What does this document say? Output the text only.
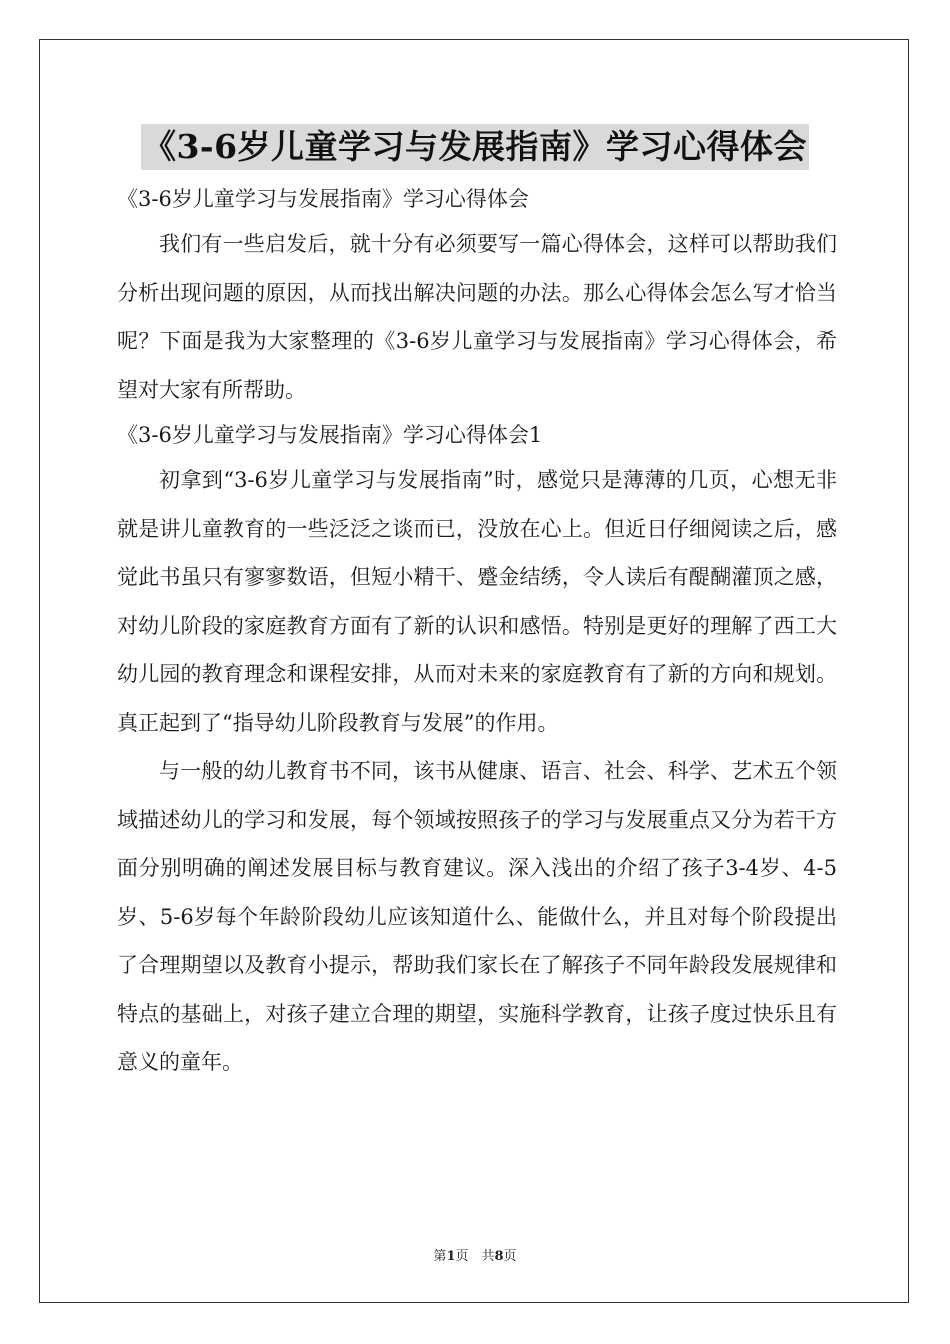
《3-6岁儿童学习与发展指南》学习心得体会

《3-6岁儿童学习与发展指南》学习心得体会

我们有一些启发后，就十分有必须要写一篇心得体会，这样可以帮助我们分析出现问题的原因，从而找出解决问题的办法。那么心得体会怎么写才恰当呢？下面是我为大家整理的《3-6岁儿童学习与发展指南》学习心得体会，希望对大家有所帮助。

《3-6岁儿童学习与发展指南》学习心得体会1

初拿到“3-6岁儿童学习与发展指南”时，感觉只是薄薄的几页，心想无非就是讲儿童教育的一些泛泛之谈而已，没放在心上。但近日仔细阅读之后，感觉此书虽只有寥寥数语，但短小精干、蹙金结绣，令人读后有醍醐灌顶之感，对幼儿阶段的家庭教育方面有了新的认识和感悟。特别是更好的理解了西工大幼儿园的教育理念和课程安排，从而对未来的家庭教育有了新的方向和规划。真正起到了“指导幼儿阶段教育与发展”的作用。

与一般的幼儿教育书不同，该书从健康、语言、社会、科学、艺术五个领域描述幼儿的学习和发展，每个领域按照孩子的学习与发展重点又分为若干方面分别明确的阐述发展目标与教育建议。深入浅出的介绍了孩子3-4岁、4-5岁、5-6岁每个年龄阶段幼儿应该知道什么、能做什么，并且对每个阶段提出了合理期望以及教育小提示，帮助我们家长在了解孩子不同年龄段发展规律和特点的基础上，对孩子建立合理的期望，实施科学教育，让孩子度过快乐且有意义的童年。

第1页　共8页
